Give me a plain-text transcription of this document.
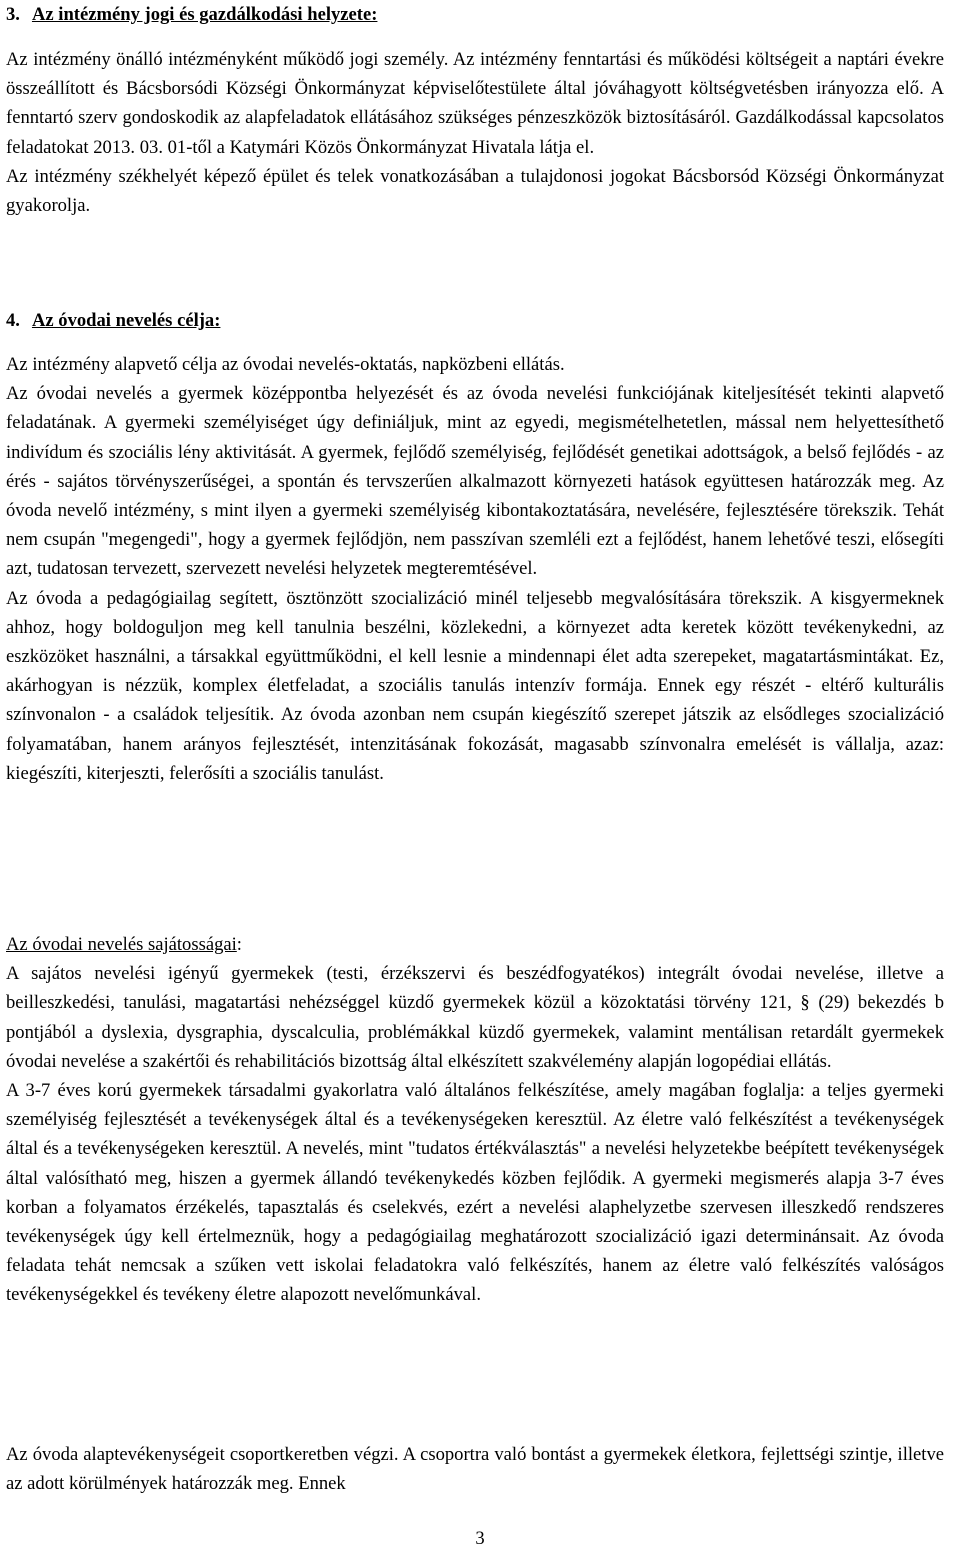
3. Az intézmény jogi és gazdálkodási helyzete:

Az intézmény önálló intézményként működő jogi személy. Az intézmény fenntartási és működési költségeit a naptári évekre összeállított és Bácsborsódi Községi Önkormányzat képviselőtestülete által jóváhagyott költségvetésben irányozza elő. A fenntartó szerv gondoskodik az alapfeladatok ellátásához szükséges pénzeszközök biztosításáról. Gazdálkodással kapcsolatos feladatokat 2013. 03. 01-től a Katymári Közös Önkormányzat Hivatala látja el.

Az intézmény székhelyét képező épület és telek vonatkozásában a tulajdonosi jogokat Bácsborsód Községi Önkormányzat gyakorolja.

4. Az óvodai nevelés célja:

Az intézmény alapvető célja az óvodai nevelés-oktatás, napközbeni ellátás.

Az óvodai nevelés a gyermek középpontba helyezését és az óvoda nevelési funkciójának kiteljesítését tekinti alapvető feladatának. A gyermeki személyiséget úgy definiáljuk, mint az egyedi, megismételhetetlen, mással nem helyettesíthető indivídum és szociális lény aktivitását. A gyermek, fejlődő személyiség, fejlődését genetikai adottságok, a belső fejlődés - az érés - sajátos törvényszerűségei, a spontán és tervszerűen alkalmazott környezeti hatások együttesen határozzák meg. Az óvoda nevelő intézmény, s mint ilyen a gyermeki személyiség kibontakoztatására, nevelésére, fejlesztésére törekszik. Tehát nem csupán "megengedi", hogy a gyermek fejlődjön, nem passzívan szemléli ezt a fejlődést, hanem lehetővé teszi, elősegíti azt, tudatosan tervezett, szervezett nevelési helyzetek megteremtésével.

Az óvoda a pedagógiailag segített, ösztönzött szocializáció minél teljesebb megvalósítására törekszik. A kisgyermeknek ahhoz, hogy boldoguljon meg kell tanulnia beszélni, közlekedni, a környezet adta keretek között tevékenykedni, az eszközöket használni, a társakkal együttműködni, el kell lesnie a mindennapi élet adta szerepeket, magatartásmintákat. Ez, akárhogyan is nézzük, komplex életfeladat, a szociális tanulás intenzív formája. Ennek egy részét - eltérő kulturális színvonalon - a családok teljesítik. Az óvoda azonban nem csupán kiegészítő szerepet játszik az elsődleges szocializáció folyamatában, hanem arányos fejlesztését, intenzitásának fokozását, magasabb színvonalra emelését is vállalja, azaz: kiegészíti, kiterjeszti, felerősíti a szociális tanulást.

Az óvodai nevelés sajátosságai:

A sajátos nevelési igényű gyermekek (testi, érzékszervi és beszédfogyatékos) integrált óvodai nevelése, illetve a beilleszkedési, tanulási, magatartási nehézséggel küzdő gyermekek közül a közoktatási törvény 121, § (29) bekezdés b pontjából a dyslexia, dysgraphia, dyscalculia, problémákkal küzdő gyermekek, valamint mentálisan retardált gyermekek óvodai nevelése a szakértői és rehabilitációs bizottság által elkészített szakvélemény alapján logopédiai ellátás.

A 3-7 éves korú gyermekek társadalmi gyakorlatra való általános felkészítése, amely magában foglalja: a teljes gyermeki személyiség fejlesztését a tevékenységek által és a tevékenységeken keresztül. Az életre való felkészítést a tevékenységek által és a tevékenységeken keresztül. A nevelés, mint "tudatos értékválasztás" a nevelési helyzetekbe beépített tevékenységek által valósítható meg, hiszen a gyermek állandó tevékenykedés közben fejlődik. A gyermeki megismerés alapja 3-7 éves korban a folyamatos érzékelés, tapasztalás és cselekvés, ezért a nevelési alaphelyzetbe szervesen illeszkedő rendszeres tevékenységek úgy kell értelmeznük, hogy a pedagógiailag meghatározott szocializáció igazi determinánsait. Az óvoda feladata tehát nemcsak a szűken vett iskolai feladatokra való felkészítés, hanem az életre való felkészítés valóságos tevékenységekkel és tevékeny életre alapozott nevelőmunkával.

Az óvoda alaptevékenységeit csoportkeretben végzi. A csoportra való bontást a gyermekek életkora, fejlettségi szintje, illetve az adott körülmények határozzák meg. Ennek

3
